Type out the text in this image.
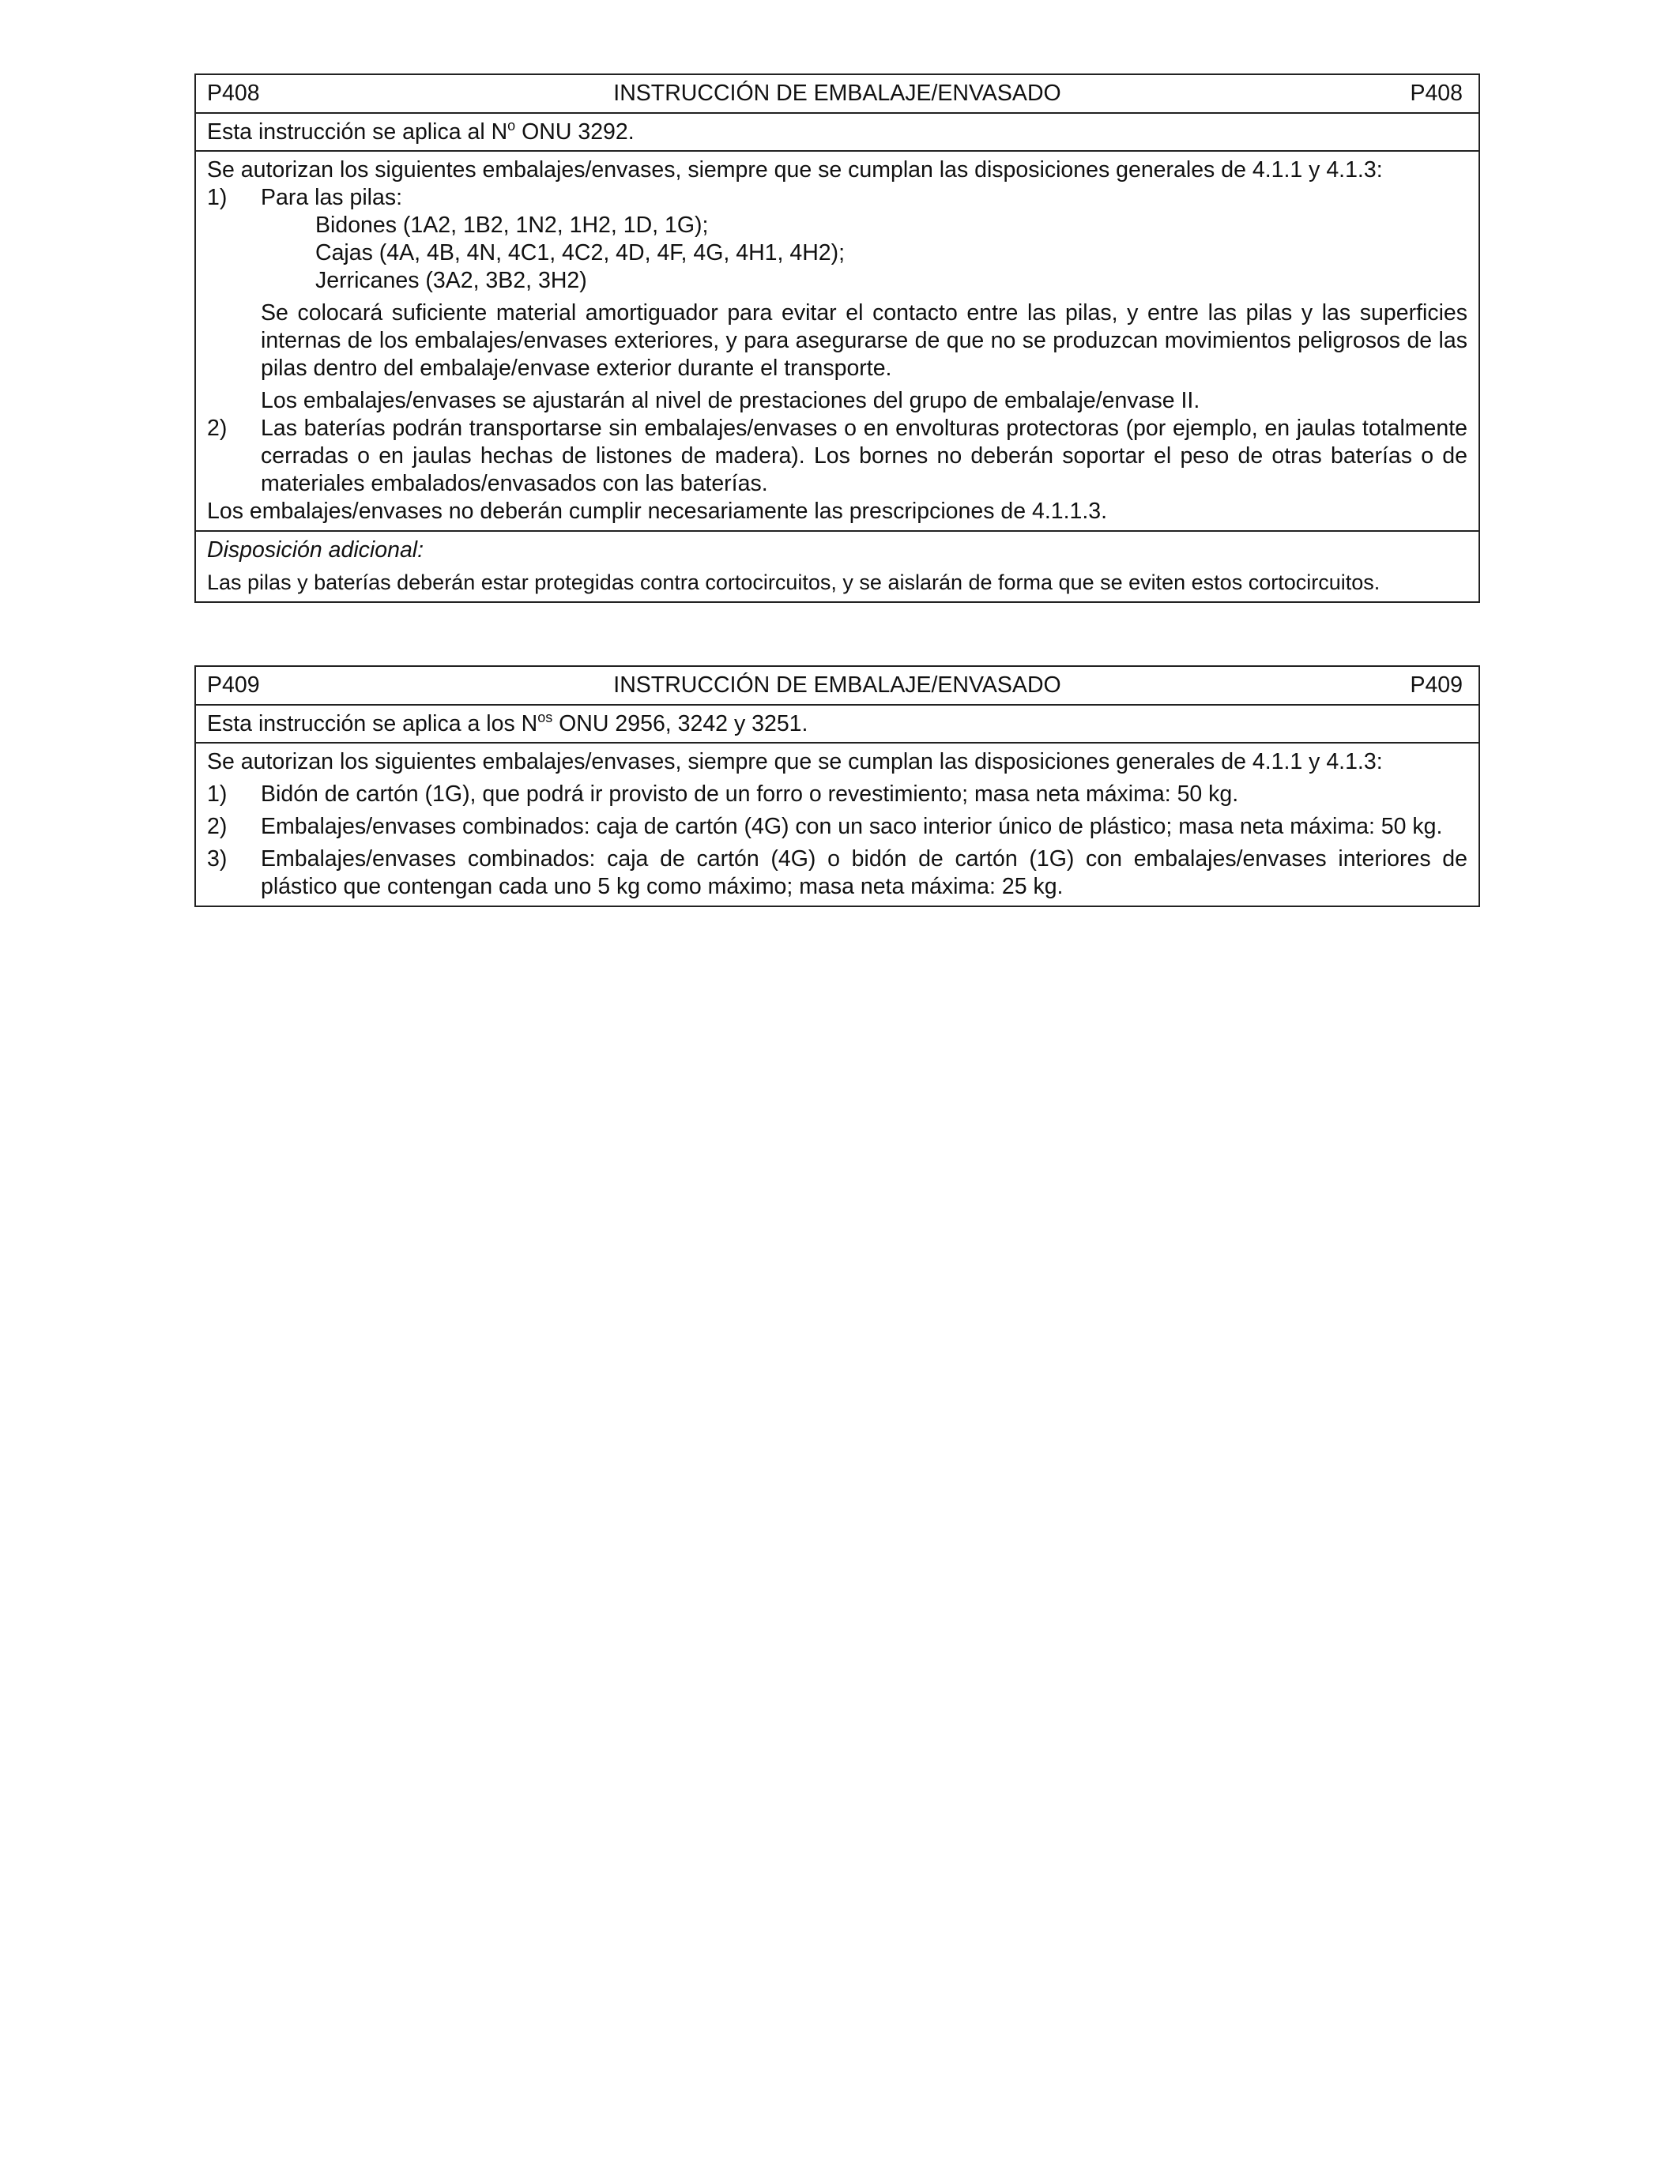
P408	INSTRUCCIÓN DE EMBALAJE/ENVASADO	P408
Esta instrucción se aplica al $N^o$ ONU 3292.
Se autorizan los siguientes embalajes/envases, siempre que se cumplan las disposiciones generales de 4.1.1 y 4.1.3:
1)	Para las pilas:
Bidones (1A2, 1B2, 1N2, 1H2, 1D, 1G);
Cajas (4A, 4B, 4N, 4C1, 4C2, 4D, 4F, 4G, 4H1, 4H2);
Jerricanes (3A2, 3B2, 3H2)
Se colocará suficiente material amortiguador para evitar el contacto entre las pilas, y entre las pilas y las superficies internas de los embalajes/envases exteriores, y para asegurarse de que no se produzcan movimientos peligrosos de las pilas dentro del embalaje/envase exterior durante el transporte.
Los embalajes/envases se ajustarán al nivel de prestaciones del grupo de embalaje/envase II.
2)	Las baterías podrán transportarse sin embalajes/envases o en envolturas protectoras (por ejemplo, en jaulas totalmente cerradas o en jaulas hechas de listones de madera). Los bornes no deberán soportar el peso de otras baterías o de materiales embalados/envasados con las baterías.
Los embalajes/envases no deberán cumplir necesariamente las prescripciones de 4.1.1.3.
Disposición adicional:
Las pilas y baterías deberán estar protegidas contra cortocircuitos, y se aislarán de forma que se eviten estos cortocircuitos.
P409	INSTRUCCIÓN DE EMBALAJE/ENVASADO	P409
Esta instrucción se aplica a los $N^{os}$ ONU 2956, 3242 y 3251.
Se autorizan los siguientes embalajes/envases, siempre que se cumplan las disposiciones generales de 4.1.1 y 4.1.3:
1)	Bidón de cartón (1G), que podrá ir provisto de un forro o revestimiento; masa neta máxima: 50 kg.
2)	Embalajes/envases combinados: caja de cartón (4G) con un saco interior único de plástico; masa neta máxima: 50 kg.
3)	Embalajes/envases combinados: caja de cartón (4G) o bidón de cartón (1G) con embalajes/envases interiores de plástico que contengan cada uno 5 kg como máximo; masa neta máxima: 25 kg.
